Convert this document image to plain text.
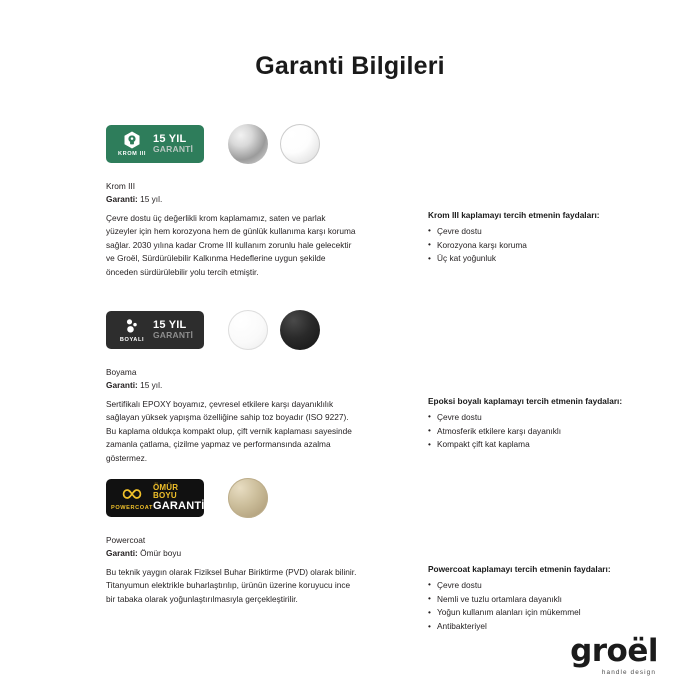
Garanti Bilgileri
KROM III
15 YIL
GARANTİ
Krom III
Garanti: 15 yıl.
Çevre dostu üç değerlikli krom kaplamamız, saten ve parlak yüzeyler için hem korozyona hem de günlük kullanıma karşı koruma sağlar. 2030 yılına kadar Crome III kullanım zorunlu hale gelecektir ve Groël, Sürdürülebilir Kalkınma Hedeflerine uygun şekilde önceden sürdürülebilir yolu tercih etmiştir.
Krom III kaplamayı tercih etmenin faydaları:
• Çevre dostu
• Korozyona karşı koruma
• Üç kat yoğunluk
BOYALI
15 YIL
GARANTİ
Boyama
Garanti: 15 yıl.
Sertifikalı EPOXY boyamız, çevresel etkilere karşı dayanıklılık sağlayan yüksek yapışma özelliğine sahip toz boyadır (ISO 9227). Bu kaplama oldukça kompakt olup, çift vernik kaplaması sayesinde zamanla çatlama, çizilme yapmaz ve performansında azalma göstermez.
Epoksi boyalı kaplamayı tercih etmenin faydaları:
• Çevre dostu
• Atmosferik etkilere karşı dayanıklı
• Kompakt çift kat kaplama
POWERCOAT
ÖMÜR BOYU
GARANTİ
Powercoat
Garanti: Ömür boyu
Bu teknik yaygın olarak Fiziksel Buhar Biriktirme (PVD) olarak bilinir. Titanyumun elektrikle buharlaştırılıp, ürünün üzerine koruyucu ince bir tabaka olarak yoğunlaştırılmasıyla gerçekleştirilir.
Powercoat kaplamayı tercih etmenin faydaları:
• Çevre dostu
• Nemli ve tuzlu ortamlara dayanıklı
• Yoğun kullanım alanları için mükemmel
• Antibakteriyel
groël
handle design
